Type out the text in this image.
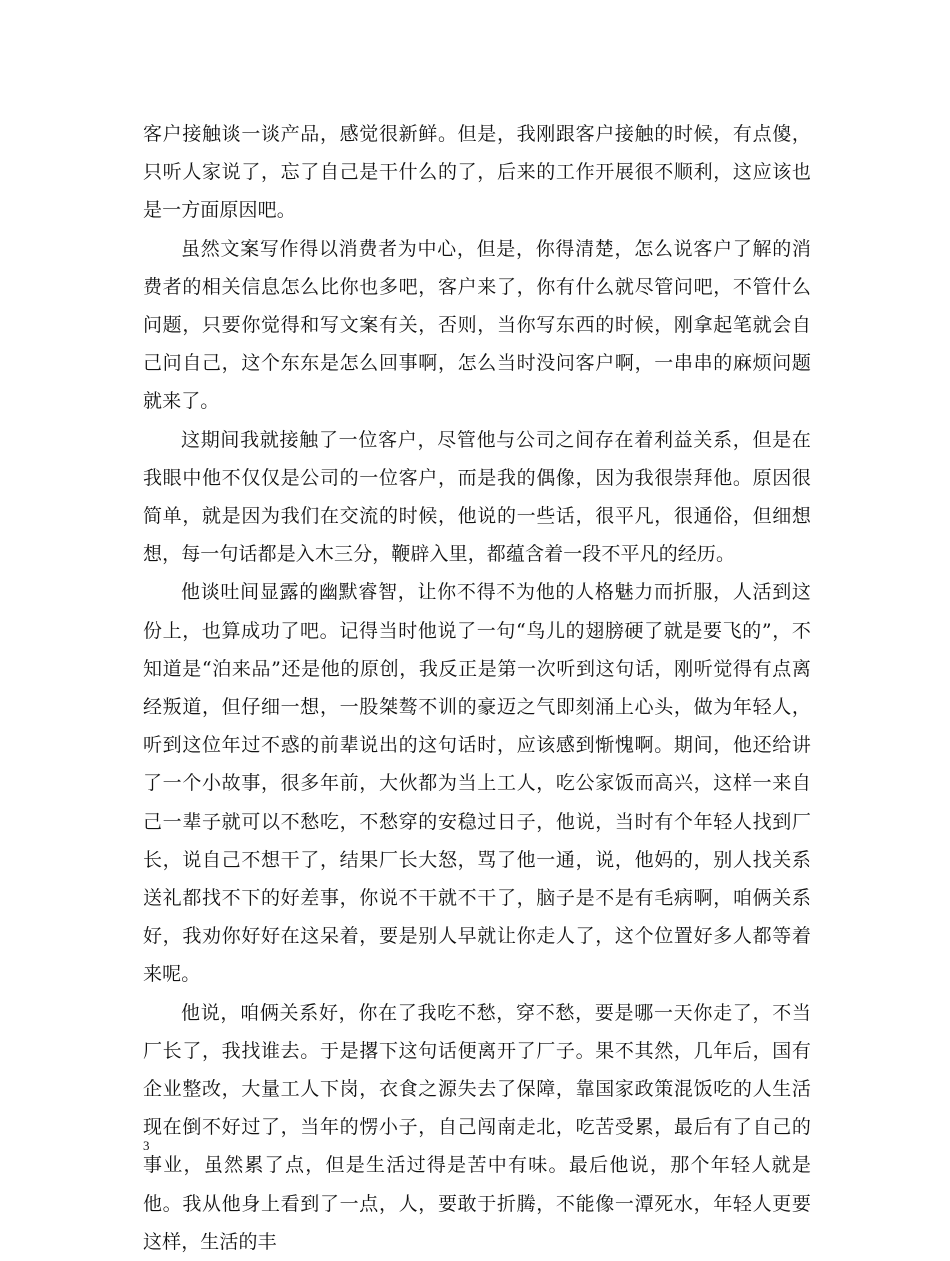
客户接触谈一谈产品，感觉很新鲜。但是，我刚跟客户接触的时候，有点傻，只听人家说了，忘了自己是干什么的了，后来的工作开展很不顺利，这应该也是一方面原因吧。

虽然文案写作得以消费者为中心，但是，你得清楚，怎么说客户了解的消费者的相关信息怎么比你也多吧，客户来了，你有什么就尽管问吧，不管什么问题，只要你觉得和写文案有关，否则，当你写东西的时候，刚拿起笔就会自己问自己，这个东东是怎么回事啊，怎么当时没问客户啊，一串串的麻烦问题就来了。

这期间我就接触了一位客户，尽管他与公司之间存在着利益关系，但是在我眼中他不仅仅是公司的一位客户，而是我的偶像，因为我很崇拜他。原因很简单，就是因为我们在交流的时候，他说的一些话，很平凡，很通俗，但细想想，每一句话都是入木三分，鞭辟入里，都蕴含着一段不平凡的经历。

他谈吐间显露的幽默睿智，让你不得不为他的人格魅力而折服，人活到这份上，也算成功了吧。记得当时他说了一句“鸟儿的翅膀硬了就是要飞的”，不知道是“泊来品”还是他的原创，我反正是第一次听到这句话，刚听觉得有点离经叛道，但仔细一想，一股桀骜不训的豪迈之气即刻涌上心头，做为年轻人，听到这位年过不惑的前辈说出的这句话时，应该感到惭愧啊。期间，他还给讲了一个小故事，很多年前，大伙都为当上工人，吃公家饭而高兴，这样一来自己一辈子就可以不愁吃，不愁穿的安稳过日子，他说，当时有个年轻人找到厂长，说自己不想干了，结果厂长大怒，骂了他一通，说，他妈的，别人找关系送礼都找不下的好差事，你说不干就不干了，脑子是不是有毛病啊，咱俩关系好，我劝你好好在这呆着，要是别人早就让你走人了，这个位置好多人都等着来呢。

他说，咱俩关系好，你在了我吃不愁，穿不愁，要是哪一天你走了，不当厂长了，我找谁去。于是撂下这句话便离开了厂子。果不其然，几年后，国有企业整改，大量工人下岗，衣食之源失去了保障，靠国家政策混饭吃的人生活现在倒不好过了，当年的愣小子，自己闯南走北，吃苦受累，最后有了自己的事业，虽然累了点，但是生活过得是苦中有味。最后他说，那个年轻人就是他。我从他身上看到了一点，人，要敢于折腾，不能像一潭死水，年轻人更要这样，生活的丰

3
